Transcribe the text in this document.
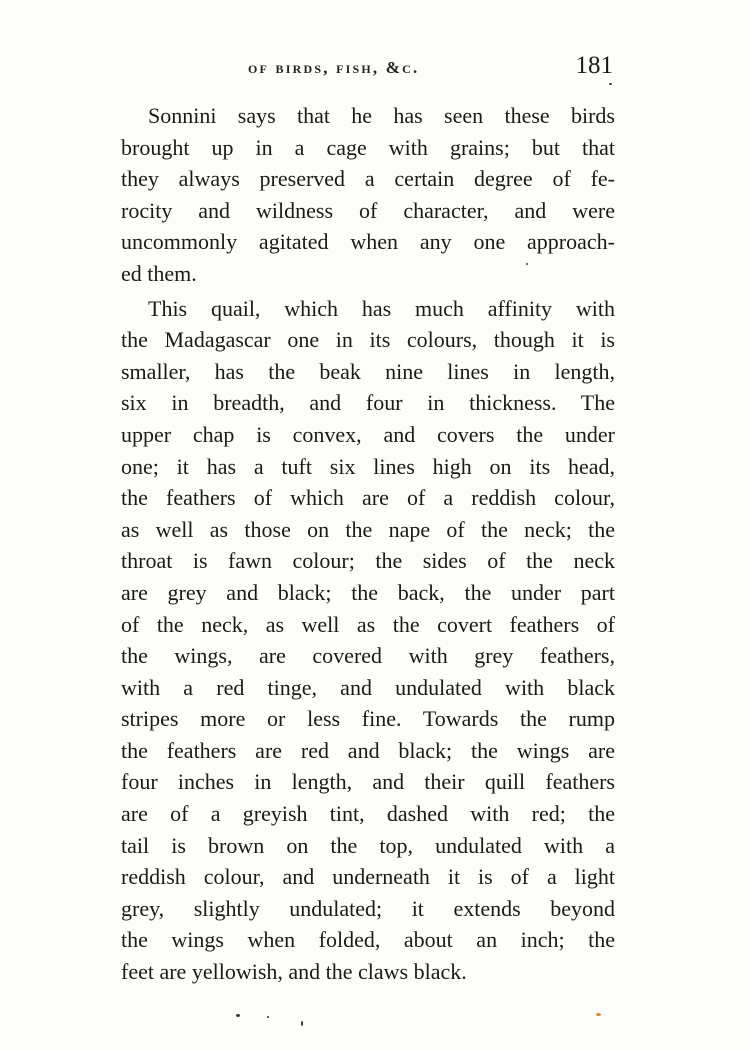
of birds, fish, &c.	181

Sonnini says that he has seen these birds
brought up in a cage with grains; but that
they always preserved a certain degree of fe-
rocity and wildness of character, and were
uncommonly agitated when any one approach-
ed them.

This quail, which has much affinity with
the Madagascar one in its colours, though it is
smaller, has the beak nine lines in length,
six in breadth, and four in thickness. The
upper chap is convex, and covers the under
one; it has a tuft six lines high on its head,
the feathers of which are of a reddish colour,
as well as those on the nape of the neck; the
throat is fawn colour; the sides of the neck
are grey and black; the back, the under part
of the neck, as well as the covert feathers of
the wings, are covered with grey feathers,
with a red tinge, and undulated with black
stripes more or less fine. Towards the rump
the feathers are red and black; the wings are
four inches in length, and their quill feathers
are of a greyish tint, dashed with red; the
tail is brown on the top, undulated with a
reddish colour, and underneath it is of a light
grey, slightly undulated; it extends beyond
the wings when folded, about an inch; the
feet are yellowish, and the claws black.
